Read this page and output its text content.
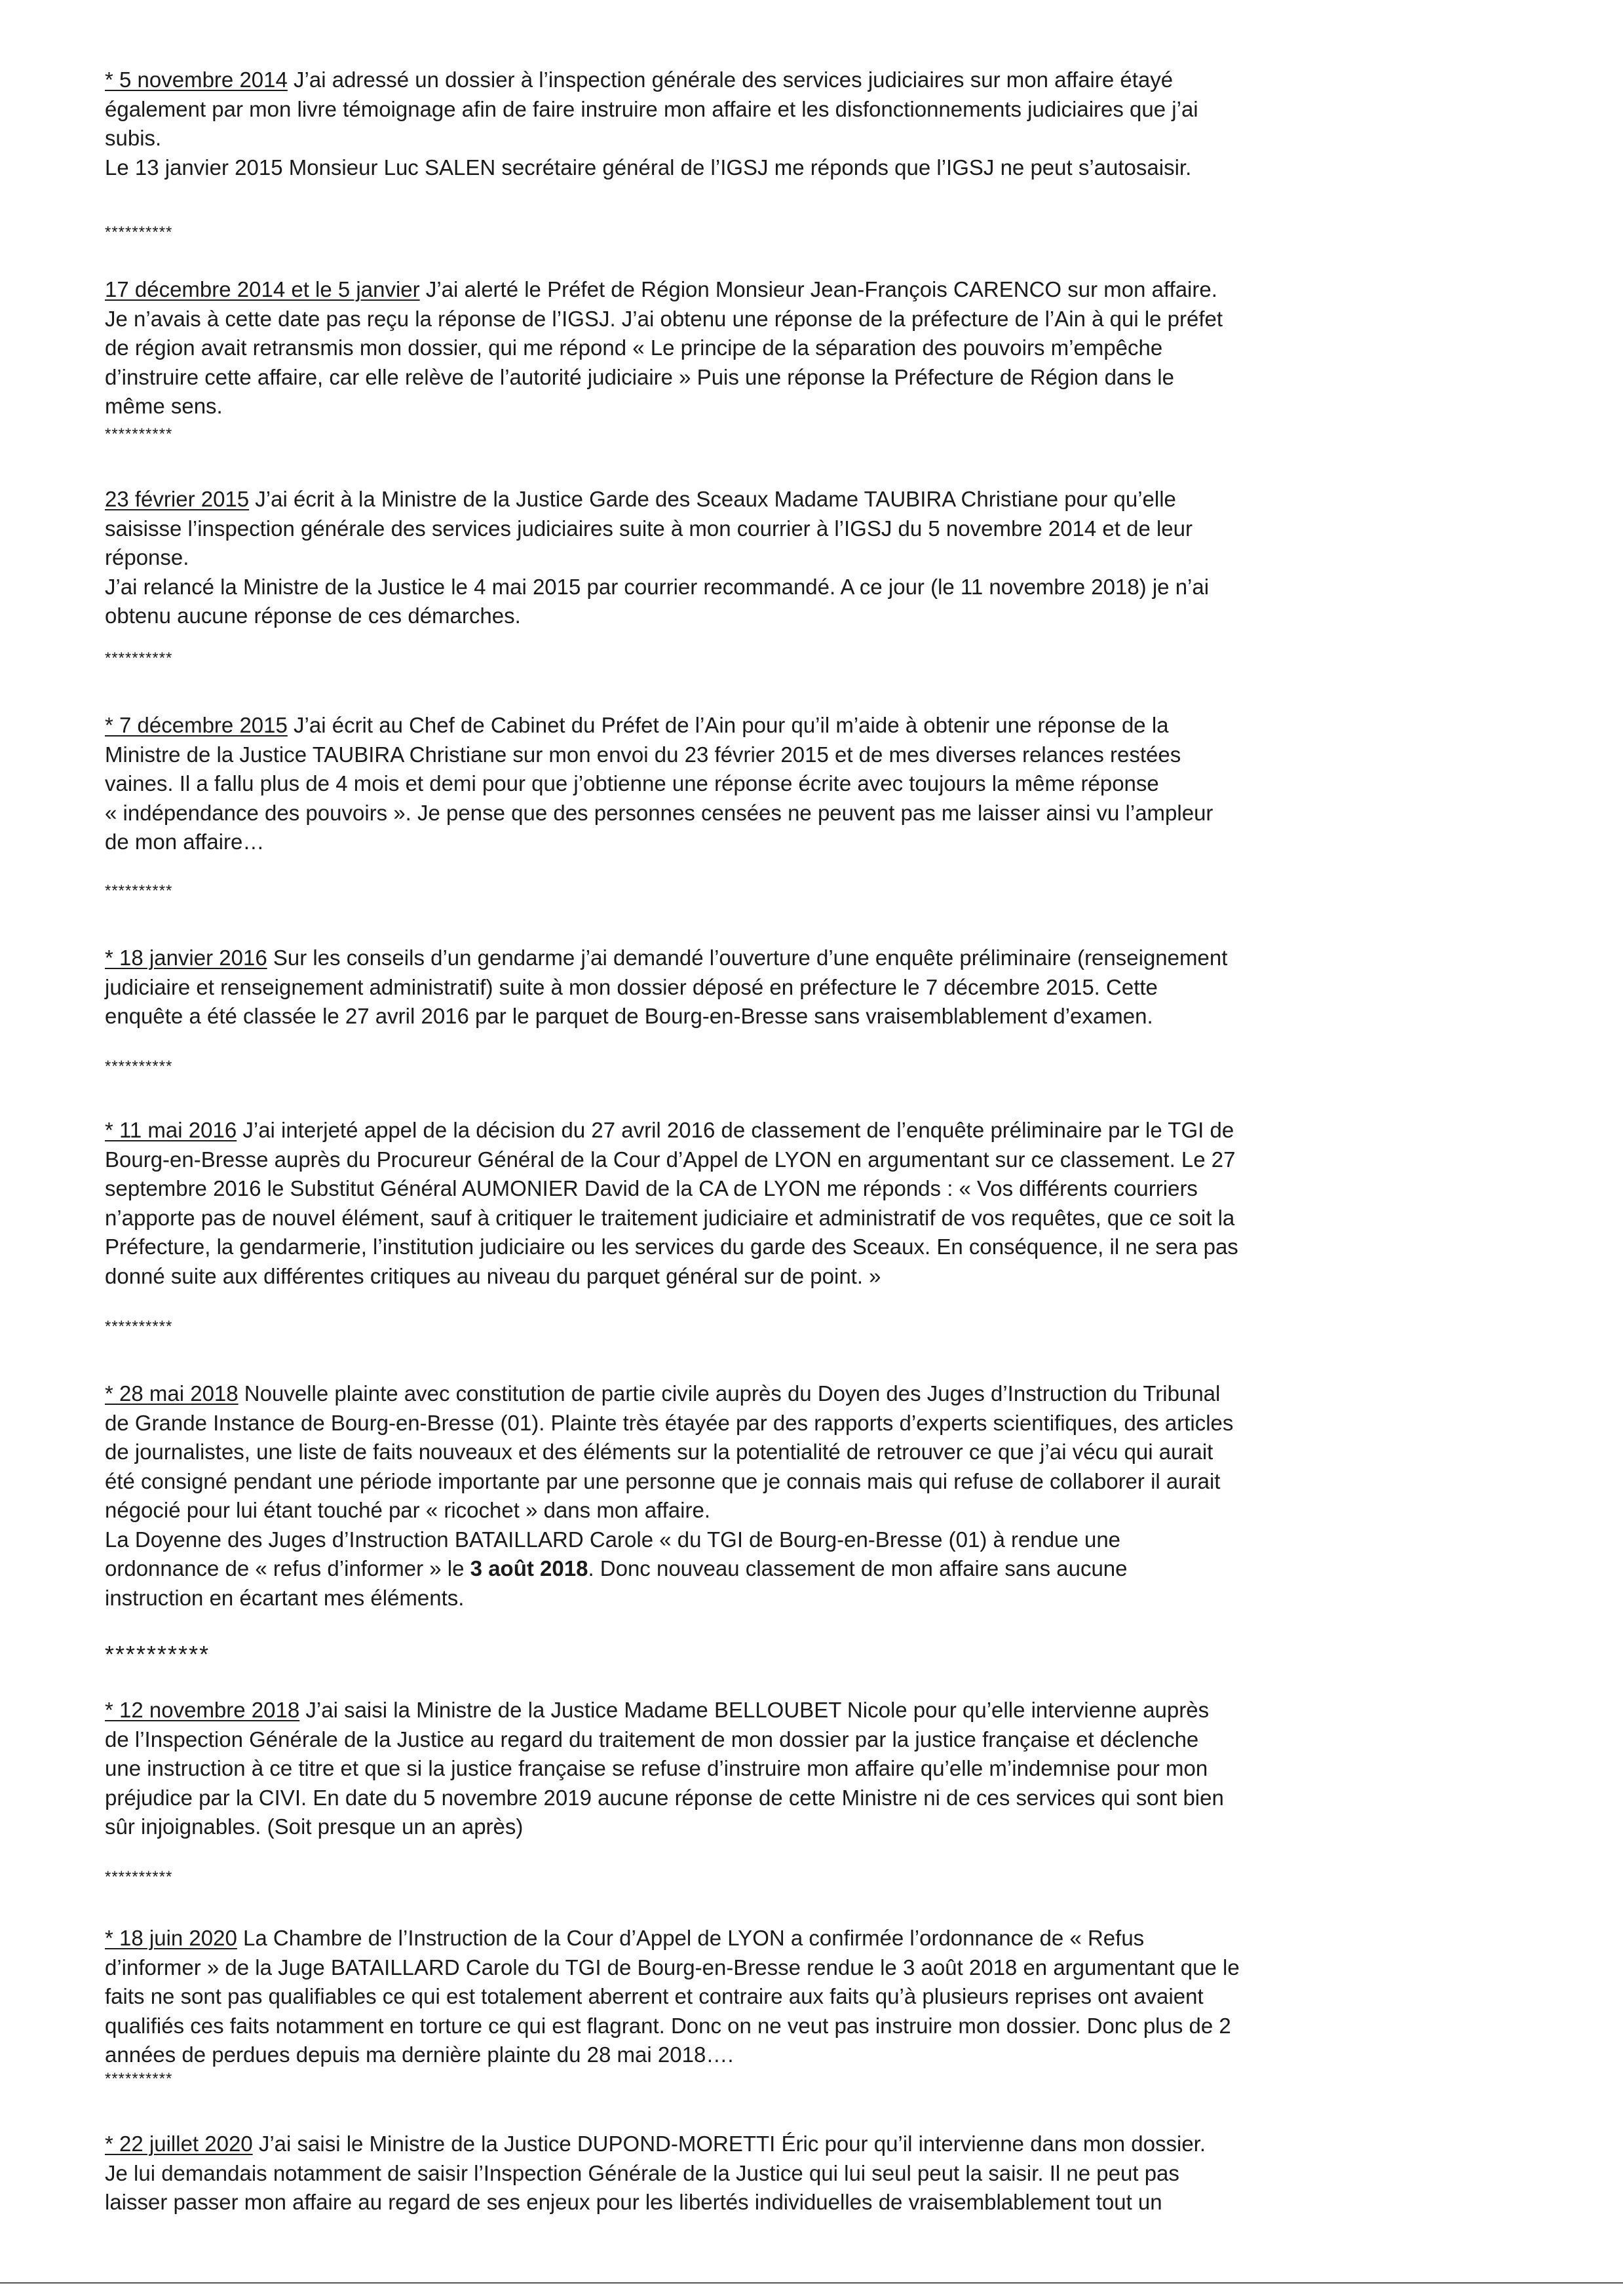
* 5 novembre 2014 J’ai adressé un dossier à l’inspection générale des services judiciaires sur mon affaire étayé
également par mon livre témoignage afin de faire instruire mon affaire et les disfonctionnements judiciaires que j’ai
subis.
Le 13 janvier 2015 Monsieur Luc SALEN secrétaire général de l’IGSJ me réponds que l’IGSJ ne peut s’autosaisir.

**********

17 décembre 2014 et le 5 janvier J’ai alerté le Préfet de Région Monsieur Jean-François CARENCO sur mon affaire.
Je n’avais à cette date pas reçu la réponse de l’IGSJ. J’ai obtenu une réponse de la préfecture de l’Ain à qui le préfet
de région avait retransmis mon dossier, qui me répond « Le principe de la séparation des pouvoirs m’empêche
d’instruire cette affaire, car elle relève de l’autorité judiciaire » Puis une réponse la Préfecture de Région dans le
même sens.

**********

23 février 2015 J’ai écrit à la Ministre de la Justice Garde des Sceaux Madame TAUBIRA Christiane pour qu’elle
saisisse l’inspection générale des services judiciaires suite à mon courrier à l’IGSJ du 5 novembre 2014 et de leur
réponse.
J’ai relancé la Ministre de la Justice le 4 mai 2015 par courrier recommandé. A ce jour (le 11 novembre 2018) je n’ai
obtenu aucune réponse de ces démarches.

**********

* 7 décembre 2015 J’ai écrit au Chef de Cabinet du Préfet de l’Ain pour qu’il m’aide à obtenir une réponse de la
Ministre de la Justice TAUBIRA Christiane sur mon envoi du 23 février 2015 et de mes diverses relances restées
vaines. Il a fallu plus de 4 mois et demi pour que j’obtienne une réponse écrite avec toujours la même réponse
« indépendance des pouvoirs ». Je pense que des personnes censées ne peuvent pas me laisser ainsi vu l’ampleur
de mon affaire…

**********

* 18 janvier 2016 Sur les conseils d’un gendarme j’ai demandé l’ouverture d’une enquête préliminaire (renseignement
judiciaire et renseignement administratif) suite à mon dossier déposé en préfecture le 7 décembre 2015. Cette
enquête a été classée le 27 avril 2016 par le parquet de Bourg-en-Bresse sans vraisemblablement d’examen.

**********

* 11 mai 2016 J’ai interjeté appel de la décision du 27 avril 2016 de classement de l’enquête préliminaire par le TGI de
Bourg-en-Bresse auprès du Procureur Général de la Cour d’Appel de LYON en argumentant sur ce classement. Le 27
septembre 2016 le Substitut Général AUMONIER David de la CA de LYON me réponds : « Vos différents courriers
n’apporte pas de nouvel élément, sauf à critiquer le traitement judiciaire et administratif de vos requêtes, que ce soit la
Préfecture, la gendarmerie, l’institution judiciaire ou les services du garde des Sceaux. En conséquence, il ne sera pas
donné suite aux différentes critiques au niveau du parquet général sur de point. »

**********

* 28 mai 2018 Nouvelle plainte avec constitution de partie civile auprès du Doyen des Juges d’Instruction du Tribunal
de Grande Instance de Bourg-en-Bresse (01). Plainte très étayée par des rapports d’experts scientifiques, des articles
de journalistes, une liste de faits nouveaux et des éléments sur la potentialité de retrouver ce que j’ai vécu qui aurait
été consigné pendant une période importante par une personne que je connais mais qui refuse de collaborer il aurait
négocié pour lui étant touché par « ricochet » dans mon affaire.
La Doyenne des Juges d’Instruction BATAILLARD Carole « du TGI de Bourg-en-Bresse (01) à rendue une
ordonnance de « refus d’informer » le 3 août 2018. Donc nouveau classement de mon affaire sans aucune
instruction en écartant mes éléments.

**********

* 12 novembre 2018 J’ai saisi la Ministre de la Justice Madame BELLOUBET Nicole pour qu’elle intervienne auprès
de l’Inspection Générale de la Justice au regard du traitement de mon dossier par la justice française et déclenche
une instruction à ce titre et que si la justice française se refuse d’instruire mon affaire qu’elle m’indemnise pour mon
préjudice par la CIVI. En date du 5 novembre 2019 aucune réponse de cette Ministre ni de ces services qui sont bien
sûr injoignables. (Soit presque un an après)

**********

* 18 juin 2020 La Chambre de l’Instruction de la Cour d’Appel de LYON a confirmée l’ordonnance de « Refus
d’informer » de la Juge BATAILLARD Carole du TGI de Bourg-en-Bresse rendue le 3 août 2018 en argumentant que le
faits ne sont pas qualifiables ce qui est totalement aberrent et contraire aux faits qu’à plusieurs reprises ont avaient
qualifiés ces faits notamment en torture ce qui est flagrant. Donc on ne veut pas instruire mon dossier. Donc plus de 2
années de perdues depuis ma dernière plainte du 28 mai 2018….

**********

* 22 juillet 2020 J’ai saisi le Ministre de la Justice DUPOND-MORETTI Éric pour qu’il intervienne dans mon dossier.
Je lui demandais notamment de saisir l’Inspection Générale de la Justice qui lui seul peut la saisir. Il ne peut pas
laisser passer mon affaire au regard de ses enjeux pour les libertés individuelles de vraisemblablement tout un
